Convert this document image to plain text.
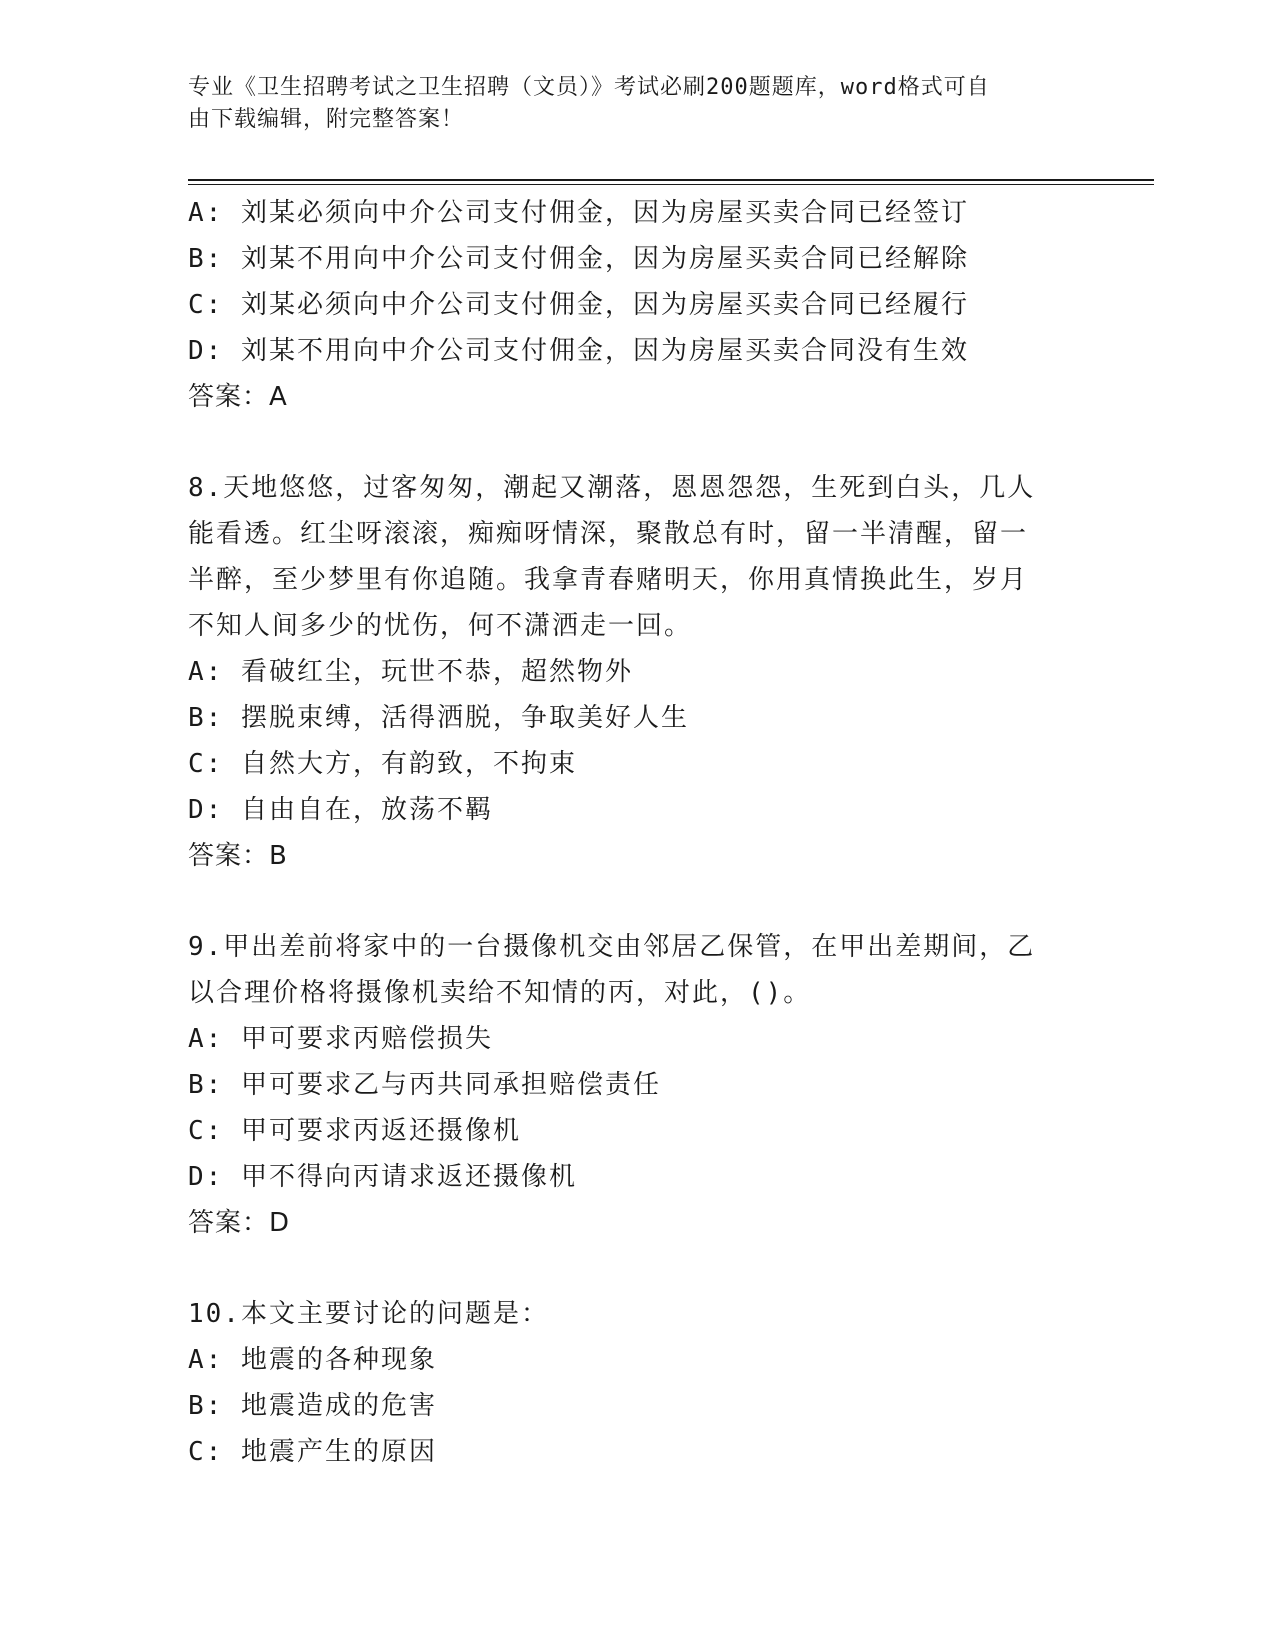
专业《卫生招聘考试之卫生招聘（文员）》考试必刷200题题库，word格式可自
由下载编辑，附完整答案！
A: 刘某必须向中介公司支付佣金，因为房屋买卖合同已经签订
B: 刘某不用向中介公司支付佣金，因为房屋买卖合同已经解除
C: 刘某必须向中介公司支付佣金，因为房屋买卖合同已经履行
D: 刘某不用向中介公司支付佣金，因为房屋买卖合同没有生效
答案：A
8.天地悠悠，过客匆匆，潮起又潮落，恩恩怨怨，生死到白头，几人
能看透。红尘呀滚滚，痴痴呀情深，聚散总有时，留一半清醒，留一
半醉，至少梦里有你追随。我拿青春赌明天，你用真情换此生，岁月
不知人间多少的忧伤，何不潇洒走一回。
A: 看破红尘，玩世不恭，超然物外
B: 摆脱束缚，活得洒脱，争取美好人生
C: 自然大方，有韵致，不拘束
D: 自由自在，放荡不羁
答案：B
9.甲出差前将家中的一台摄像机交由邻居乙保管，在甲出差期间，乙
以合理价格将摄像机卖给不知情的丙，对此，()。
A: 甲可要求丙赔偿损失
B: 甲可要求乙与丙共同承担赔偿责任
C: 甲可要求丙返还摄像机
D: 甲不得向丙请求返还摄像机
答案：D
10.本文主要讨论的问题是：
A: 地震的各种现象
B: 地震造成的危害
C: 地震产生的原因
